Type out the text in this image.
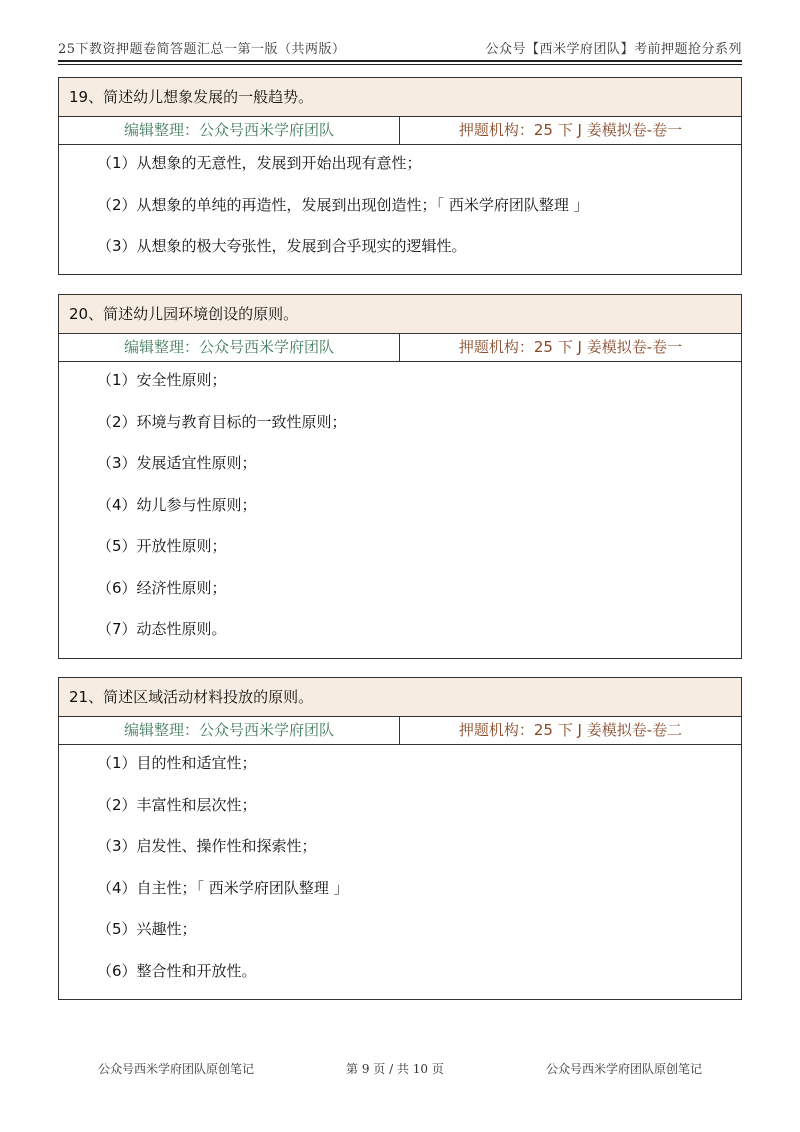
25下教资押题卷简答题汇总一第一版（共两版）	公众号【西米学府团队】考前押题抢分系列
19、简述幼儿想象发展的一般趋势。
编辑整理：公众号西米学府团队	押题机构：25 下 J 姜模拟卷-卷一
（1）从想象的无意性，发展到开始出现有意性；
（2）从想象的单纯的再造性，发展到出现创造性；「 西米学府团队整理 」
（3）从想象的极大夸张性，发展到合乎现实的逻辑性。
20、简述幼儿园环境创设的原则。
编辑整理：公众号西米学府团队	押题机构：25 下 J 姜模拟卷-卷一
（1）安全性原则；
（2）环境与教育目标的一致性原则；
（3）发展适宜性原则；
（4）幼儿参与性原则；
（5）开放性原则；
（6）经济性原则；
（7）动态性原则。
21、简述区域活动材料投放的原则。
编辑整理：公众号西米学府团队	押题机构：25 下 J 姜模拟卷-卷二
（1）目的性和适宜性；
（2）丰富性和层次性；
（3）启发性、操作性和探索性；
（4）自主性；「 西米学府团队整理 」
（5）兴趣性；
（6）整合性和开放性。
公众号西米学府团队原创笔记	第 9 页 / 共 10 页	公众号西米学府团队原创笔记
